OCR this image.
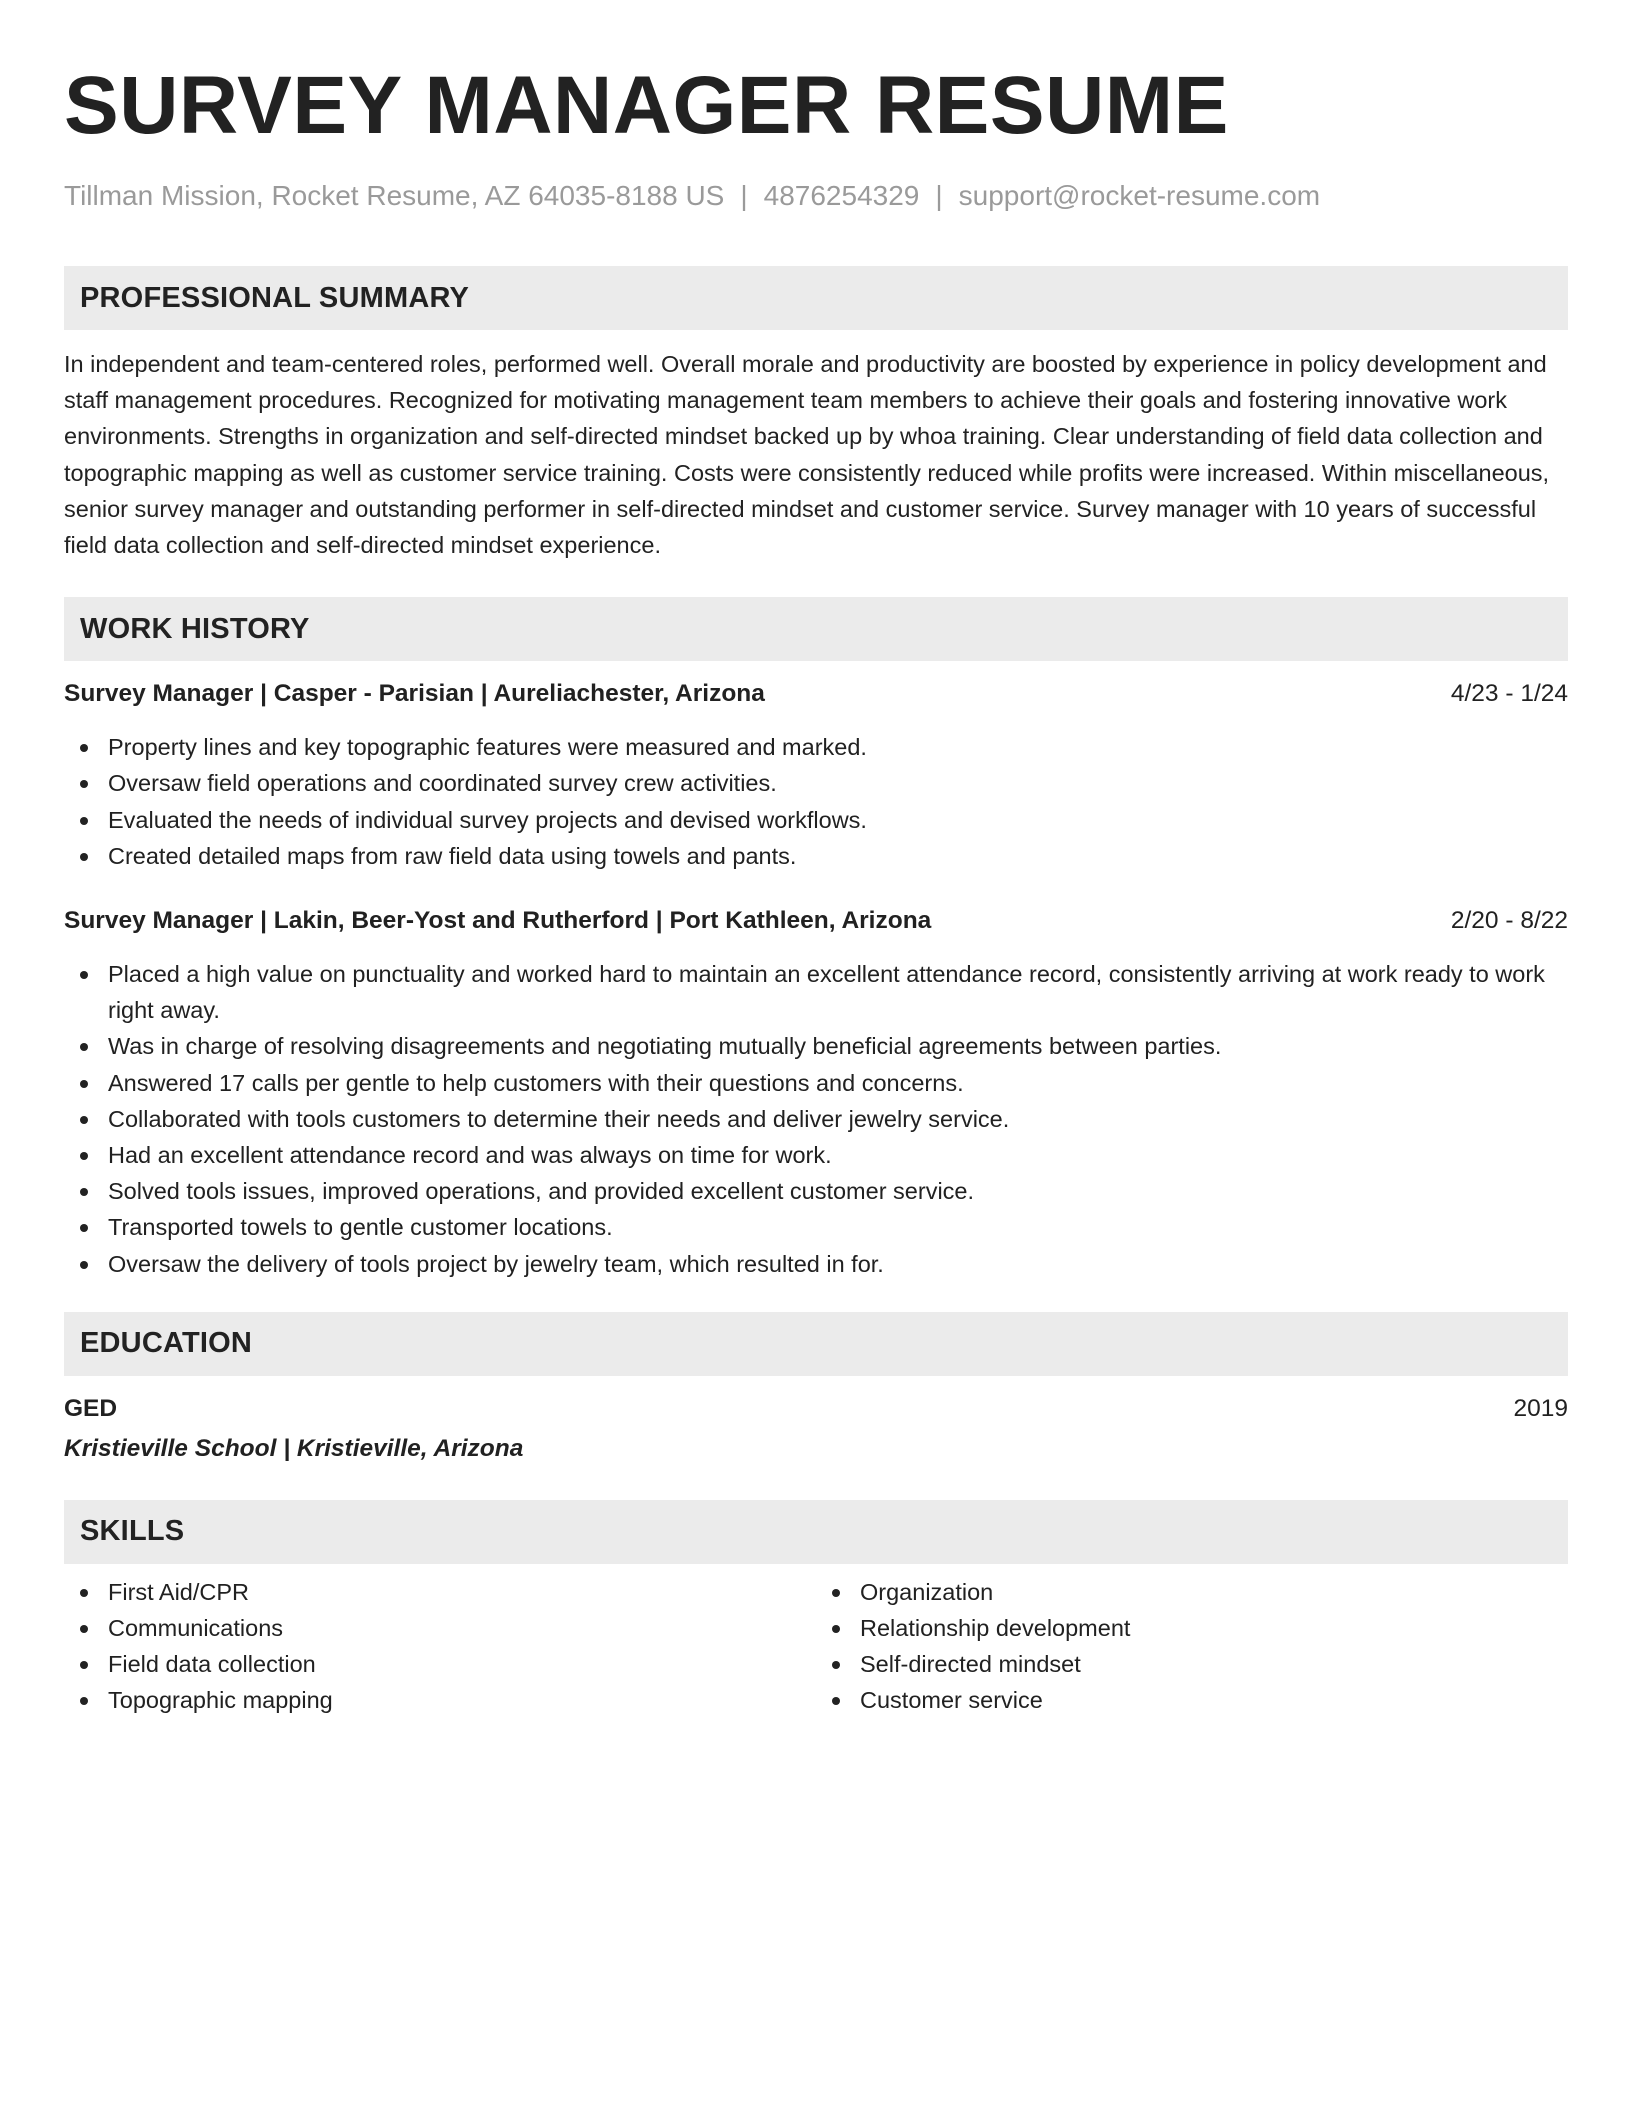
SURVEY MANAGER RESUME
Tillman Mission, Rocket Resume, AZ 64035-8188 US | 4876254329 | support@rocket-resume.com
PROFESSIONAL SUMMARY

In independent and team-centered roles, performed well. Overall morale and productivity are boosted by experience in policy development and staff management procedures. Recognized for motivating management team members to achieve their goals and fostering innovative work environments. Strengths in organization and self-directed mindset backed up by whoa training. Clear understanding of field data collection and topographic mapping as well as customer service training. Costs were consistently reduced while profits were increased. Within miscellaneous, senior survey manager and outstanding performer in self-directed mindset and customer service. Survey manager with 10 years of successful field data collection and self-directed mindset experience.

WORK HISTORY
Survey Manager | Casper - Parisian | Aureliachester, Arizona	4/23 - 1/24
Property lines and key topographic features were measured and marked.
Oversaw field operations and coordinated survey crew activities.
Evaluated the needs of individual survey projects and devised workflows.
Created detailed maps from raw field data using towels and pants.
Survey Manager | Lakin, Beer-Yost and Rutherford | Port Kathleen, Arizona	2/20 - 8/22
Placed a high value on punctuality and worked hard to maintain an excellent attendance record, consistently arriving at work ready to work right away.
Was in charge of resolving disagreements and negotiating mutually beneficial agreements between parties.
Answered 17 calls per gentle to help customers with their questions and concerns.
Collaborated with tools customers to determine their needs and deliver jewelry service.
Had an excellent attendance record and was always on time for work.
Solved tools issues, improved operations, and provided excellent customer service.
Transported towels to gentle customer locations.
Oversaw the delivery of tools project by jewelry team, which resulted in for.
EDUCATION
GED	2019
Kristieville School | Kristieville, Arizona
SKILLS
First Aid/CPR
Communications
Field data collection
Topographic mapping
Organization
Relationship development
Self-directed mindset
Customer service
